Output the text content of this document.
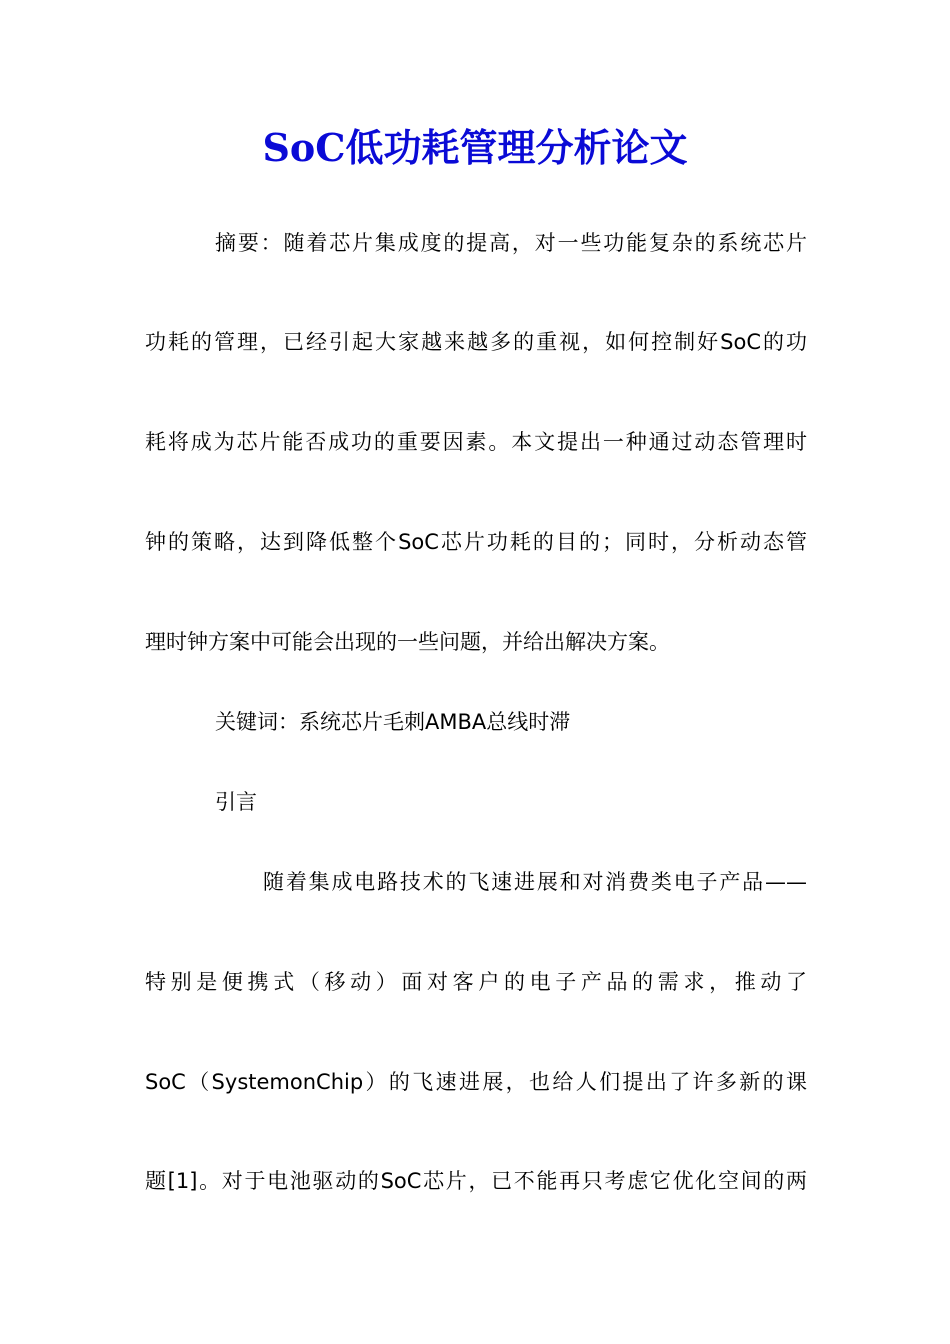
SoC低功耗管理分析论文

摘要：随着芯片集成度的提高，对一些功能复杂的系统芯片

功耗的管理，已经引起大家越来越多的重视，如何控制好SoC的功

耗将成为芯片能否成功的重要因素。本文提出一种通过动态管理时

钟的策略，达到降低整个SoC芯片功耗的目的；同时，分析动态管

理时钟方案中可能会出现的一些问题，并给出解决方案。

关键词：系统芯片毛刺AMBA总线时滞

引言

随着集成电路技术的飞速进展和对消费类电子产品——

特别是便携式（移动）面对客户的电子产品的需求，推动了

SoC（SystemonChip）的飞速进展，也给人们提出了许多新的课

题[1]。对于电池驱动的SoC芯片，已不能再只考虑它优化空间的两
